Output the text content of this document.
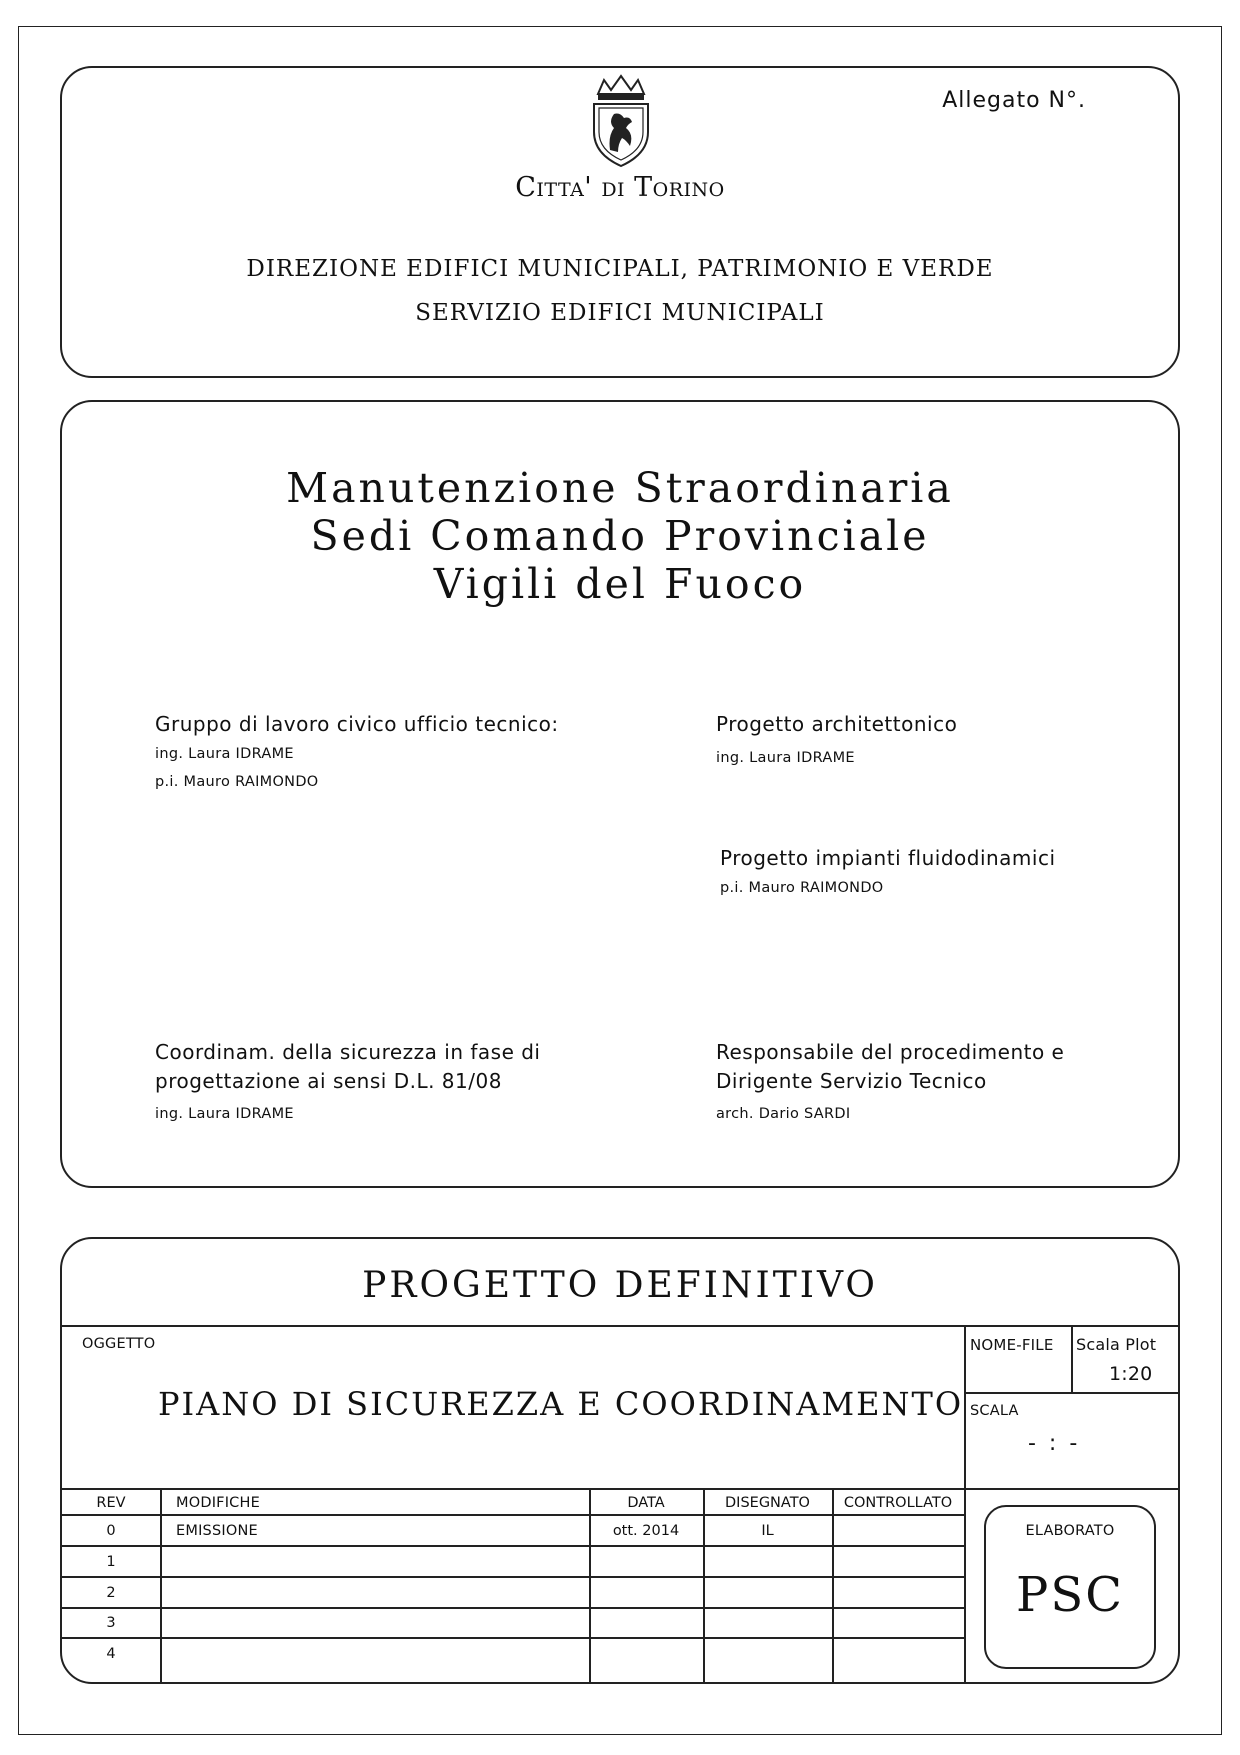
Citta' di Torino
Allegato N°.
DIREZIONE EDIFICI MUNICIPALI, PATRIMONIO E VERDE
SERVIZIO EDIFICI MUNICIPALI
Manutenzione Straordinaria
Sedi Comando Provinciale
Vigili del Fuoco
Gruppo di lavoro civico ufficio tecnico:
ing. Laura IDRAME
p.i. Mauro RAIMONDO
Progetto architettonico
ing. Laura IDRAME
Progetto impianti fluidodinamici
p.i. Mauro RAIMONDO
Coordinam. della sicurezza in fase di
progettazione ai sensi D.L. 81/08
ing. Laura IDRAME
Responsabile del procedimento e
Dirigente Servizio Tecnico
arch. Dario SARDI
PROGETTO DEFINITIVO
OGGETTO
PIANO DI SICUREZZA E COORDINAMENTO
NOME-FILE Scala Plot
1:20
SCALA
- : -
REV	MODIFICHE	DATA	DISEGNATO	CONTROLLATO
0	EMISSIONE	ott. 2014	IL
1
2
3
4
ELABORATO
PSC
